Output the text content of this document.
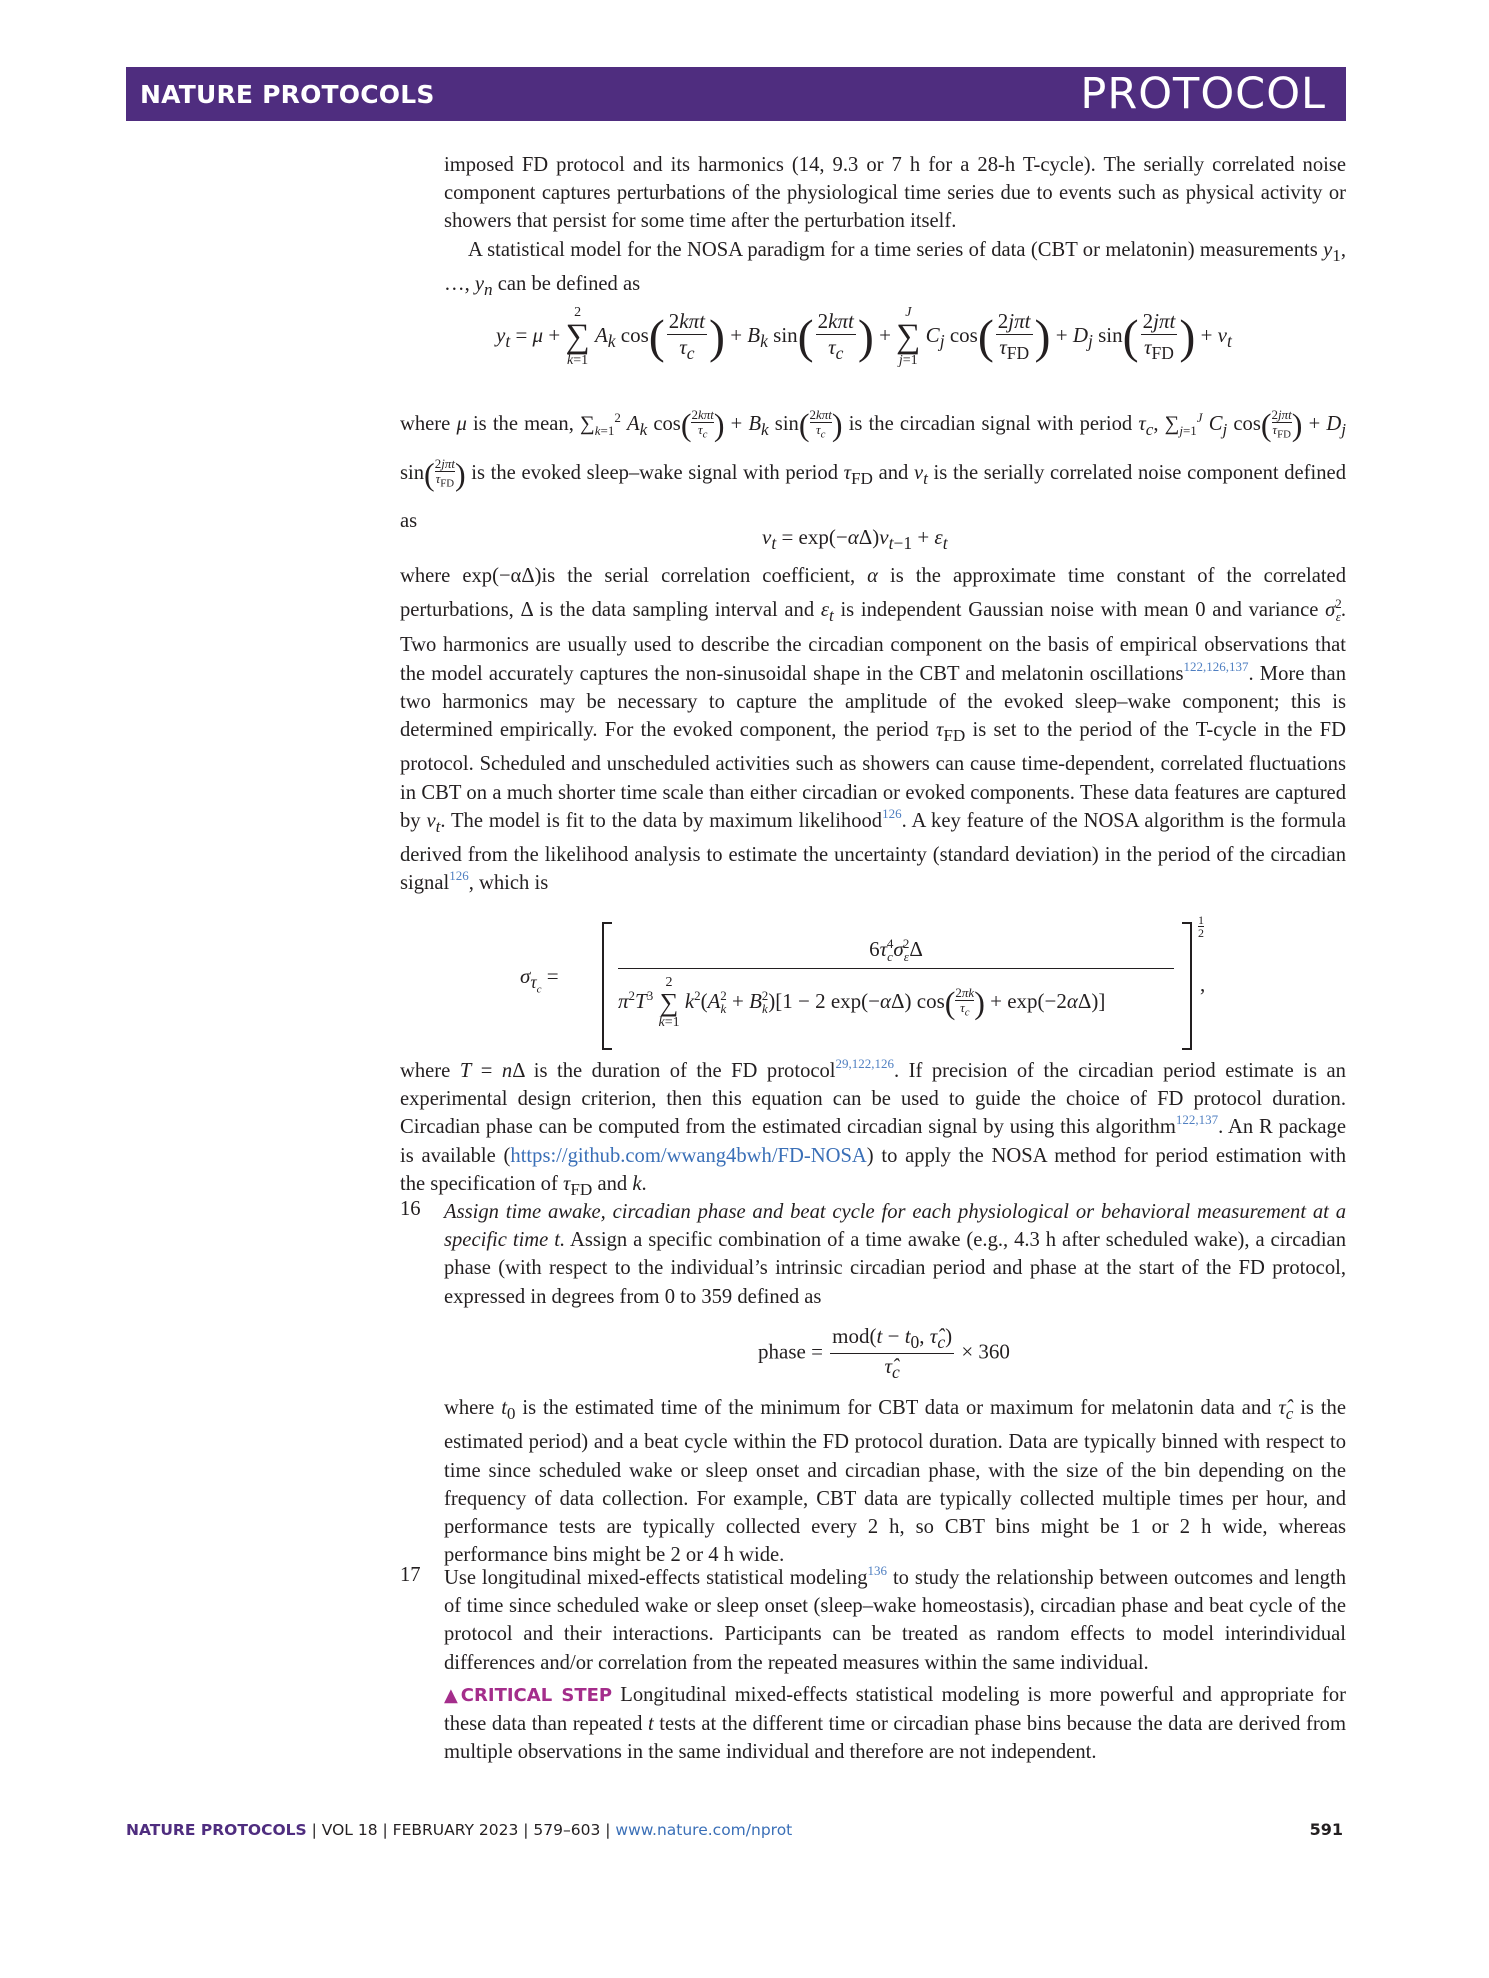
NATURE PROTOCOLS	PROTOCOL

imposed FD protocol and its harmonics (14, 9.3 or 7 h for a 28-h T-cycle). The serially correlated noise component captures perturbations of the physiological time series due to events such as physical activity or showers that persist for some time after the perturbation itself.

A statistical model for the NOSA paradigm for a time series of data (CBT or melatonin) measurements $y_1$, …, $y_n$ can be defined as

$y_t = \mu$ +
2
∑
k=1
$A_k$ $\cos( \frac{\text{2kπt}}{\tau_c}$ ) + $B_k$ $\sin( \frac{\text{2kπt}}{\tau_c}$ ) +
J
∑
j=1
$C_j$ $\cos( \frac{\text{2jπt}}{\tau_{FD}}$ ) + $D_j$ $\sin( \frac{\text{2jπt}}{\tau_{FD}}$ ) + $v_t$

where μ is the mean, $\sum_{k=1}^2$ $A_k$ cos( 2kπt
$\tau_c$ ) + $B_k$ sin( 2kπt
$\tau_c$ ) is the circadian signal with period $\tau_c$, $\sum_{j=1}^J$ $C_j$ cos( 2jπt
$\tau_{FD}$ ) + $D_j$ sin( 2jπt
$\tau_{FD}$ ) is the evoked sleep–wake signal with period $\tau_{FD}$ and $v_t$ is the serially correlated noise component defined as

$v_t = \exp(-\alpha\Delta)v_{t-1} + \varepsilon_t$

where exp(−αΔ)is the serial correlation coefficient, α is the approximate time constant of the correlated perturbations, Δ is the data sampling interval and $\varepsilon_t$ is independent Gaussian noise with mean 0 and variance $\sigma^2_\varepsilon$. Two harmonics are usually used to describe the circadian component on the basis of empirical observations that the model accurately captures the non-sinusoidal shape in the CBT and melatonin oscillations$^{122,126,137}$. More than two harmonics may be necessary to capture the amplitude of the evoked sleep–wake component; this is determined empirically. For the evoked component, the period $\tau_{FD}$ is set to the period of the T-cycle in the FD protocol. Scheduled and unscheduled activities such as showers can cause time-dependent, correlated fluctuations in CBT on a much shorter time scale than either circadian or evoked components. These data features are captured by $v_t$. The model is fit to the data by maximum likelihood$^{126}$. A key feature of the NOSA algorithm is the formula derived from the likelihood analysis to estimate the uncertainty (standard deviation) in the period of the circadian signal$^{126}$, which is

$\sigma_{\tau_c}$ =
1
2
,
$6\tau_c^4\sigma_\varepsilon^2\Delta$
$\pi^2T^3$
2
∑
k=1
$k^2(A_k^2 + B_k^2)[1 - 2$ exp(−αΔ) $\cos( \frac{2\pi k}{\tau_c}$ ) + exp(−2αΔ)]

where T = nΔ is the duration of the FD protocol$^{29,122,126}$. If precision of the circadian period estimate is an experimental design criterion, then this equation can be used to guide the choice of FD protocol duration. Circadian phase can be computed from the estimated circadian signal by using this algorithm$^{122,137}$. An R package is available (https://github.com/wwang4bwh/FD-NOSA) to apply the NOSA method for period estimation with the specification of $\tau_{FD}$ and k.

16 Assign time awake, circadian phase and beat cycle for each physiological or behavioral measurement at a specific time t. Assign a specific combination of a time awake (e.g., 4.3 h after scheduled wake), a circadian phase (with respect to the individual’s intrinsic circadian period and phase at the start of the FD protocol, expressed in degrees from 0 to 359 defined as

phase = $\frac{mod(t - t_0, \taû_c)}{\taû_c} \times 360$

where $t_0$ is the estimated time of the minimum for CBT data or maximum for melatonin data and $\taû_c$ is the estimated period) and a beat cycle within the FD protocol duration. Data are typically binned with respect to time since scheduled wake or sleep onset and circadian phase, with the size of the bin depending on the frequency of data collection. For example, CBT data are typically collected multiple times per hour, and performance tests are typically collected every 2 h, so CBT bins might be 1 or 2 h wide, whereas performance bins might be 2 or 4 h wide.

17 Use longitudinal mixed-effects statistical modeling$^{136}$ to study the relationship between outcomes and length of time since scheduled wake or sleep onset (sleep–wake homeostasis), circadian phase and beat cycle of the protocol and their interactions. Participants can be treated as random effects to model interindividual differences and/or correlation from the repeated measures within the same individual.

▲CRITICAL STEP Longitudinal mixed-effects statistical modeling is more powerful and appropriate for these data than repeated t tests at the different time or circadian phase bins because the data are derived from multiple observations in the same individual and therefore are not independent.

NATURE PROTOCOLS | VOL 18 | FEBRUARY 2023 | 579–603 | www.nature.com/nprot	591
